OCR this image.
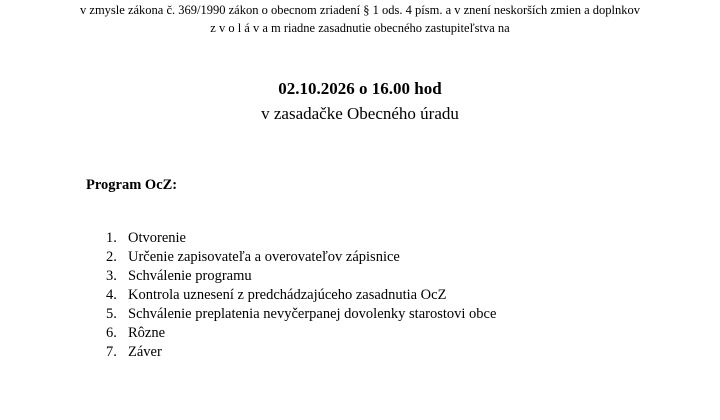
v zmysle zákona č. 369/1990 zákon o obecnom zriadení § 1 ods. 4 písm. a v znení neskorších zmien a doplnkov
z v o l á v a m riadne zasadnutie obecného zastupiteľstva na
02.10.2026 o 16.00 hod
v zasadačke Obecného úradu
Program OcZ:
1. Otvorenie
2. Určenie zapisovateľa a overovateľov zápisnice
3. Schválenie programu
4. Kontrola uznesení z predchádzajúceho zasadnutia OcZ
5. Schválenie preplatenia nevyčerpanej dovolenky starostovi obce
6. Rôzne
7. Záver
